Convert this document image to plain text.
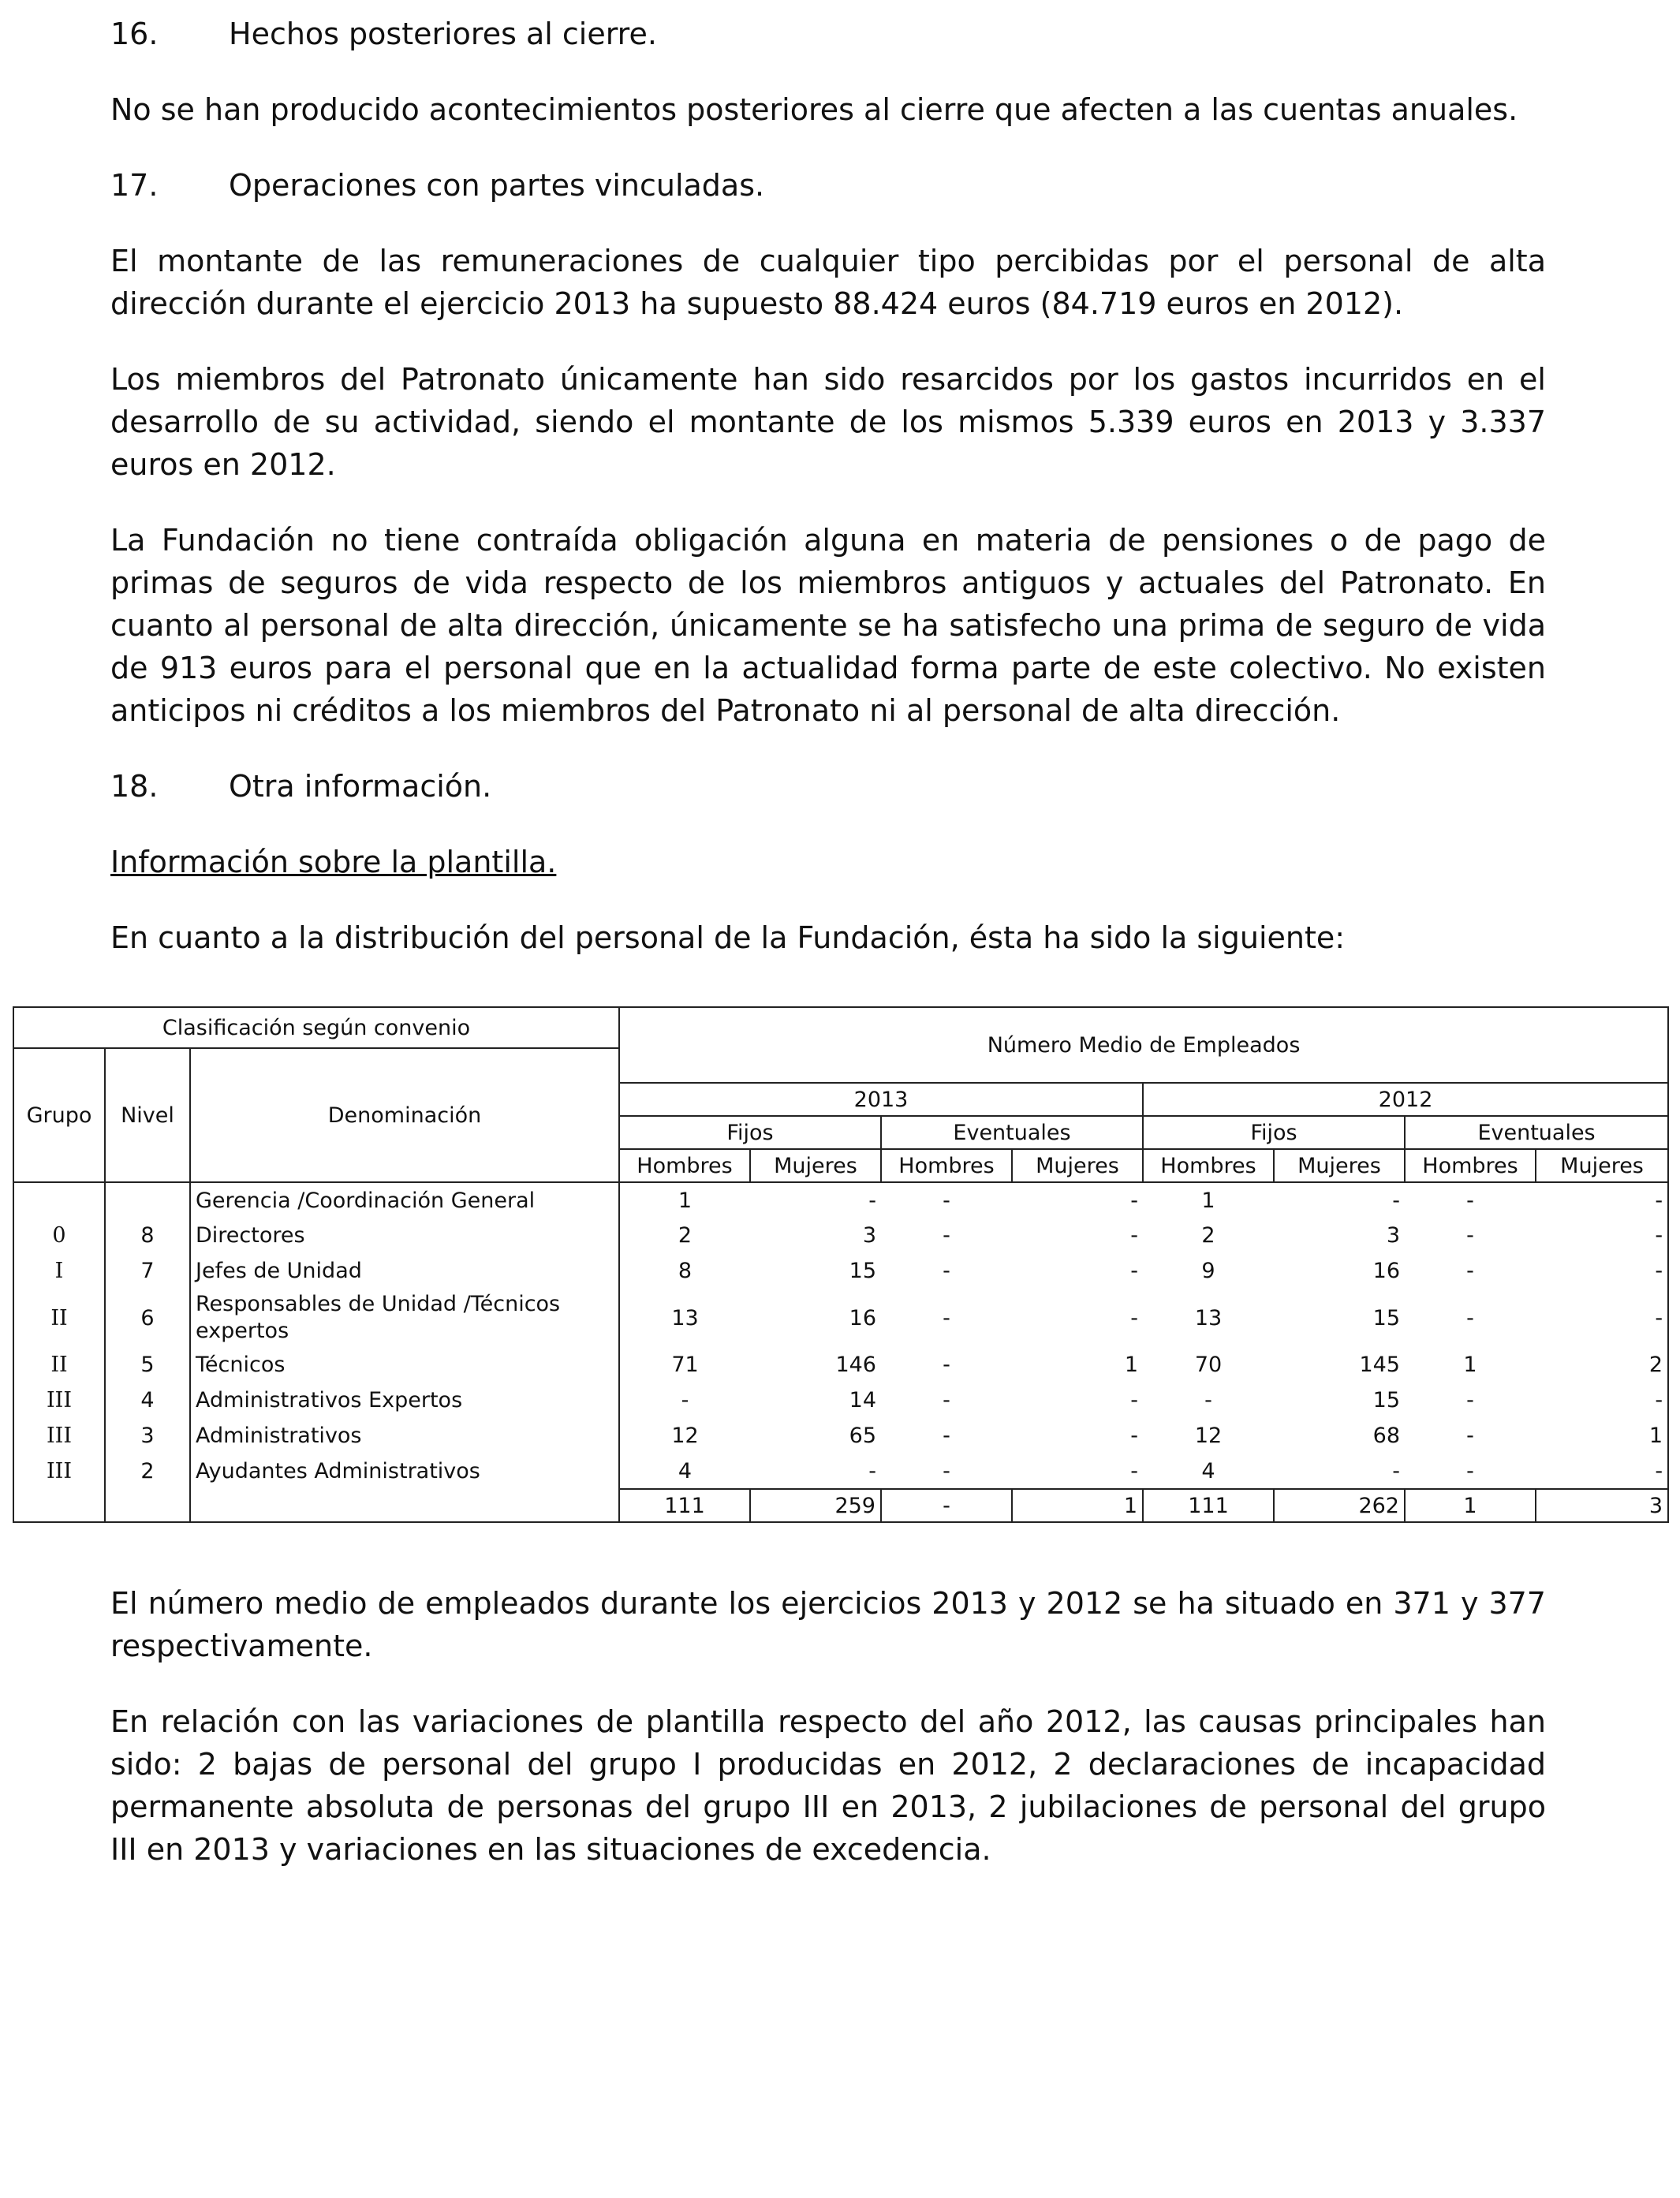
16. Hechos posteriores al cierre.

No se han producido acontecimientos posteriores al cierre que afecten a las cuentas anuales.

17. Operaciones con partes vinculadas.

El montante de las remuneraciones de cualquier tipo percibidas por el personal de alta dirección durante el ejercicio 2013 ha supuesto 88.424 euros (84.719 euros en 2012).

Los miembros del Patronato únicamente han sido resarcidos por los gastos incurridos en el desarrollo de su actividad, siendo el montante de los mismos 5.339 euros en 2013 y 3.337 euros en 2012.

La Fundación no tiene contraída obligación alguna en materia de pensiones o de pago de primas de seguros de vida respecto de los miembros antiguos y actuales del Patronato. En cuanto al personal de alta dirección, únicamente se ha satisfecho una prima de seguro de vida de 913 euros para el personal que en la actualidad forma parte de este colectivo. No existen anticipos ni créditos a los miembros del Patronato ni al personal de alta dirección.

18. Otra información.

Información sobre la plantilla.

En cuanto a la distribución del personal de la Fundación, ésta ha sido la siguiente:

Clasificación según convenio			Número Medio de Empleados							
Grupo	Nivel	Denominación								
			2013				2012			
			Fijos		Eventuales		Fijos		Eventuales	
			Hombres	Mujeres	Hombres	Mujeres	Hombres	Mujeres	Hombres	Mujeres
		Gerencia /Coordinación General	1	-	-	-	1	-	-	-
0	8	Directores	2	3	-	-	2	3	-	-
I	7	Jefes de Unidad	8	15	-	-	9	16	-	-
II	6	Responsables de Unidad /Técnicos expertos	13	16	-	-	13	15	-	-
II	5	Técnicos	71	146	-	1	70	145	1	2
III	4	Administrativos Expertos	-	14	-	-	-	15	-	-
III	3	Administrativos	12	65	-	-	12	68	-	1
III	2	Ayudantes Administrativos	4	-	-	-	4	-	-	-
			111	259	-	1	111	262	1	3

El número medio de empleados durante los ejercicios 2013 y 2012 se ha situado en 371 y 377 respectivamente.

En relación con las variaciones de plantilla respecto del año 2012, las causas principales han sido: 2 bajas de personal del grupo I producidas en 2012, 2 declaraciones de incapacidad permanente absoluta de personas del grupo III en 2013, 2 jubilaciones de personal del grupo III en 2013 y variaciones en las situaciones de excedencia.
